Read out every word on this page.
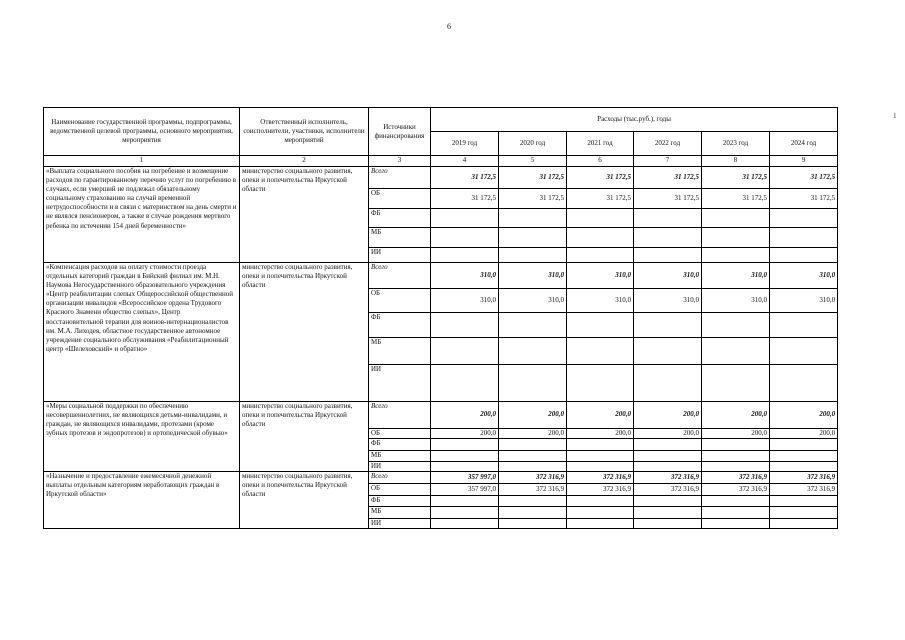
6
1
Наименование государственной программы, подпрограммы, ведомственной целевой программы, основного мероприятия, мероприятия	Ответственный исполнитель, соисполнители, участники, исполнители мероприятий	Источники финансирования	Расходы (тыс.руб.), годы					
			2019 год	2020 год	2021 год	2022 год	2023 год	2024 год
1	2	3	4	5	6	7	8	9
«Выплата социального пособия на погребение и возмещение расходов по гарантированному перечню услуг по погребению в случаях, если умерший не подлежал обязательному социальному страхованию на случай временной нетрудоспособности и в связи с материнством на день смерти и не являлся пенсионером, а также в случае рождения мертвого ребенка по истечении 154 дней беременности»	министерство социального развития, опеки и попечительства Иркутской области	Всего	31 172,5	31 172,5	31 172,5	31 172,5	31 172,5	31 172,5
		ОБ	31 172,5	31 172,5	31 172,5	31 172,5	31 172,5	31 172,5
		ФБ						
		МБ						
		ИИ						
«Компенсация расходов на оплату стоимости проезда отдельных категорий граждан в Бийский филиал им. М.Н. Наумова Негосударственного образовательного учреждения «Центр реабилитации слепых Общероссийской общественной организации инвалидов «Всероссийское ордена Трудового Красного Знамени общество слепых», Центр восстановительной терапии для воинов-интернационалистов им. М.А. Лиходея, областное государственное автономное учреждение социального обслуживания «Реабилитационный центр «Шелеховский» и обратно»	министерство социального развития, опеки и попечительства Иркутской области	Всего	310,0	310,0	310,0	310,0	310,0	310,0
		ОБ	310,0	310,0	310,0	310,0	310,0	310,0
		ФБ						
		МБ						
		ИИ						
«Меры социальной поддержки по обеспечению несовершеннолетних, не являющихся детьми-инвалидами, и граждан, не являющихся инвалидами, протезами (кроме зубных протезов и эндопротезов) и ортопедической обувью»	министерство социального развития, опеки и попечительства Иркутской области	Всего	200,0	200,0	200,0	200,0	200,0	200,0
		ОБ	200,0	200,0	200,0	200,0	200,0	200,0
		ФБ						
		МБ						
		ИИ						
«Назначение и предоставление ежемесячной денежной выплаты отдельным категориям неработающих граждан в Иркутской области»	министерство социального развития, опеки и попечительства Иркутской области	Всего	357 997,0	372 316,9	372 316,9	372 316,9	372 316,9	372 316,9
		ОБ	357 997,0	372 316,9	372 316,9	372 316,9	372 316,9	372 316,9
		ФБ						
		МБ						
		ИИ						
